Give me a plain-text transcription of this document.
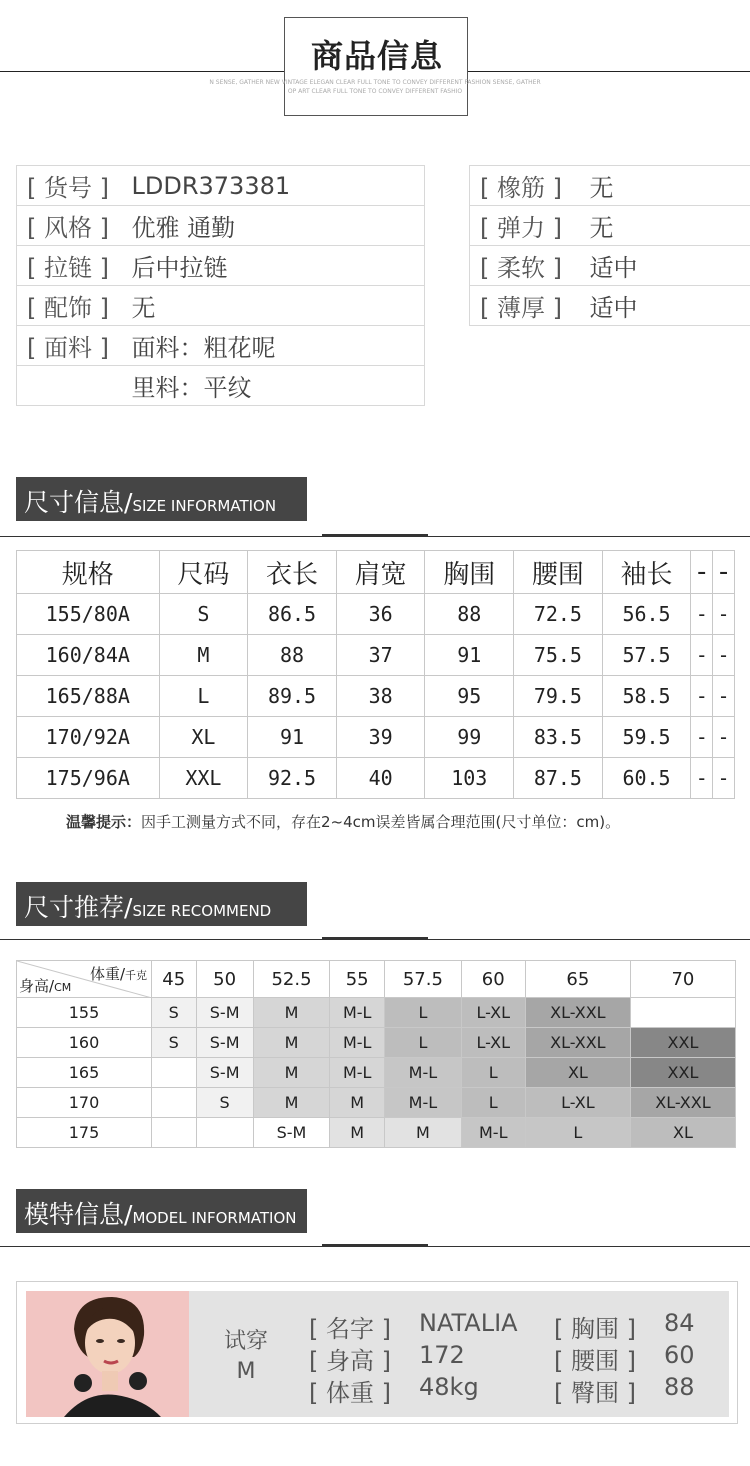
商品信息
N SENSE, GATHER NEW VINTAGE ELEGAN CLEAR FULL TONE TO CONVEY DIFFERENT FASHION SENSE, GATHER
OP ART CLEAR FULL TONE TO CONVEY DIFFERENT FASHIO
[ 货号 ]	LDDR373381
[ 风格 ]	优雅 通勤
[ 拉链 ]	后中拉链
[ 配饰 ]	无
[ 面料 ]	面料：粗花呢
	里料：平纹
[ 橡筋 ]	无
[ 弹力 ]	无
[ 柔软 ]	适中
[ 薄厚 ]	适中
尺寸信息/SIZE INFORMATION
规格	尺码	衣长	肩宽	胸围	腰围	袖长	-	-
155/80A	S	86.5	36	88	72.5	56.5	-	-
160/84A	M	88	37	91	75.5	57.5	-	-
165/88A	L	89.5	38	95	79.5	58.5	-	-
170/92A	XL	91	39	99	83.5	59.5	-	-
175/96A	XXL	92.5	40	103	87.5	60.5	-	-
温馨提示：因手工测量方式不同，存在2~4cm误差皆属合理范围(尺寸单位：cm)。
尺寸推荐/SIZE RECOMMEND
体重/千克
身高/CM	45	50	52.5	55	57.5	60	65	70
155	S	S-M	M	M-L	L	L-XL	XL-XXL	
160	S	S-M	M	M-L	L	L-XL	XL-XXL	XXL
165		S-M	M	M-L	M-L	L	XL	XXL
170		S	M	M	M-L	L	L-XL	XL-XXL
175			S-M	M	M	M-L	L	XL
模特信息/MODEL INFORMATION
试穿
M
[ 名字 ] NATALIA
[ 身高 ] 172
[ 体重 ] 48kg
[ 胸围 ] 84
[ 腰围 ] 60
[ 臀围 ] 88
